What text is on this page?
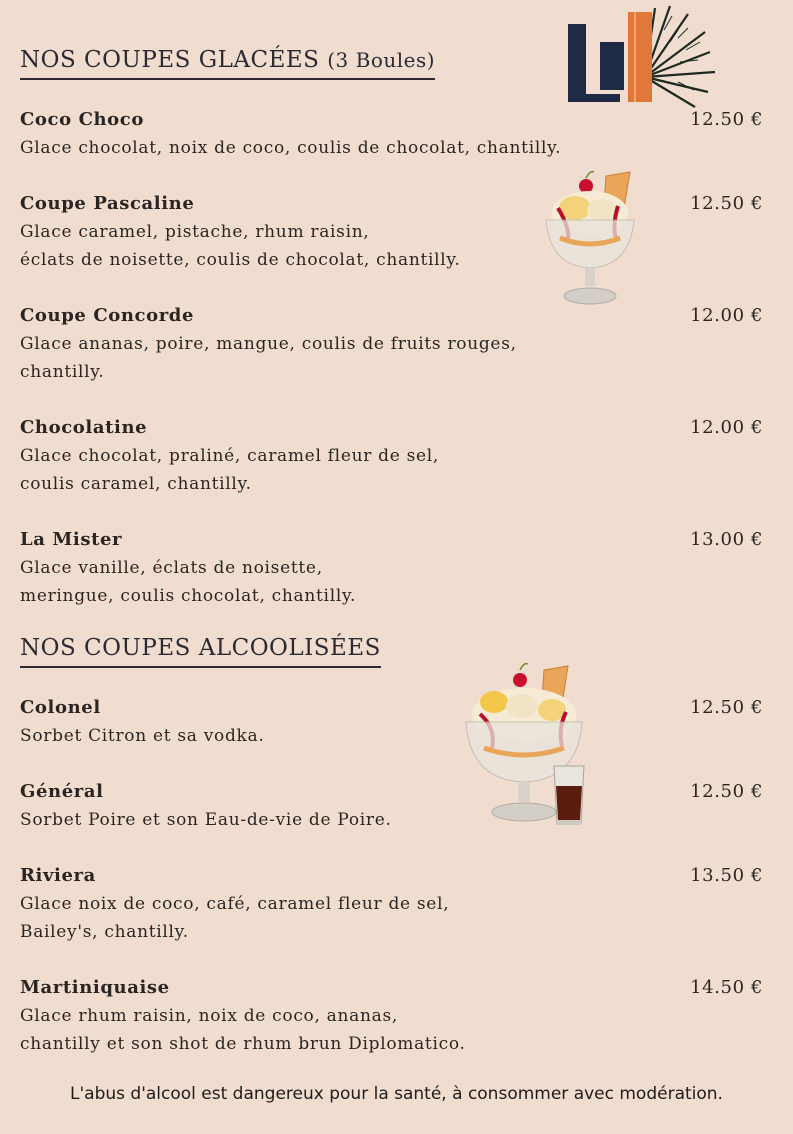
NOS COUPES GLACÉES (3 Boules)
Coco Choco	12.50 €
Glace chocolat, noix de coco, coulis de chocolat, chantilly.
Coupe Pascaline	12.50 €
Glace caramel, pistache, rhum raisin,
éclats de noisette, coulis de chocolat, chantilly.
Coupe Concorde	12.00 €
Glace ananas, poire, mangue, coulis de fruits rouges,
chantilly.
Chocolatine	12.00 €
Glace chocolat, praliné, caramel fleur de sel,
coulis caramel, chantilly.
La Mister	13.00 €
Glace vanille, éclats de noisette,
meringue, coulis chocolat, chantilly.
NOS COUPES ALCOOLISÉES
Colonel	12.50 €
Sorbet Citron et sa vodka.
Général	12.50 €
Sorbet Poire et son Eau-de-vie de Poire.
Riviera	13.50 €
Glace noix de coco, café, caramel fleur de sel,
Bailey's, chantilly.
Martiniquaise	14.50 €
Glace rhum raisin, noix de coco, ananas,
chantilly et son shot de rhum brun Diplomatico.
L'abus d'alcool est dangereux pour la santé, à consommer avec modération.
